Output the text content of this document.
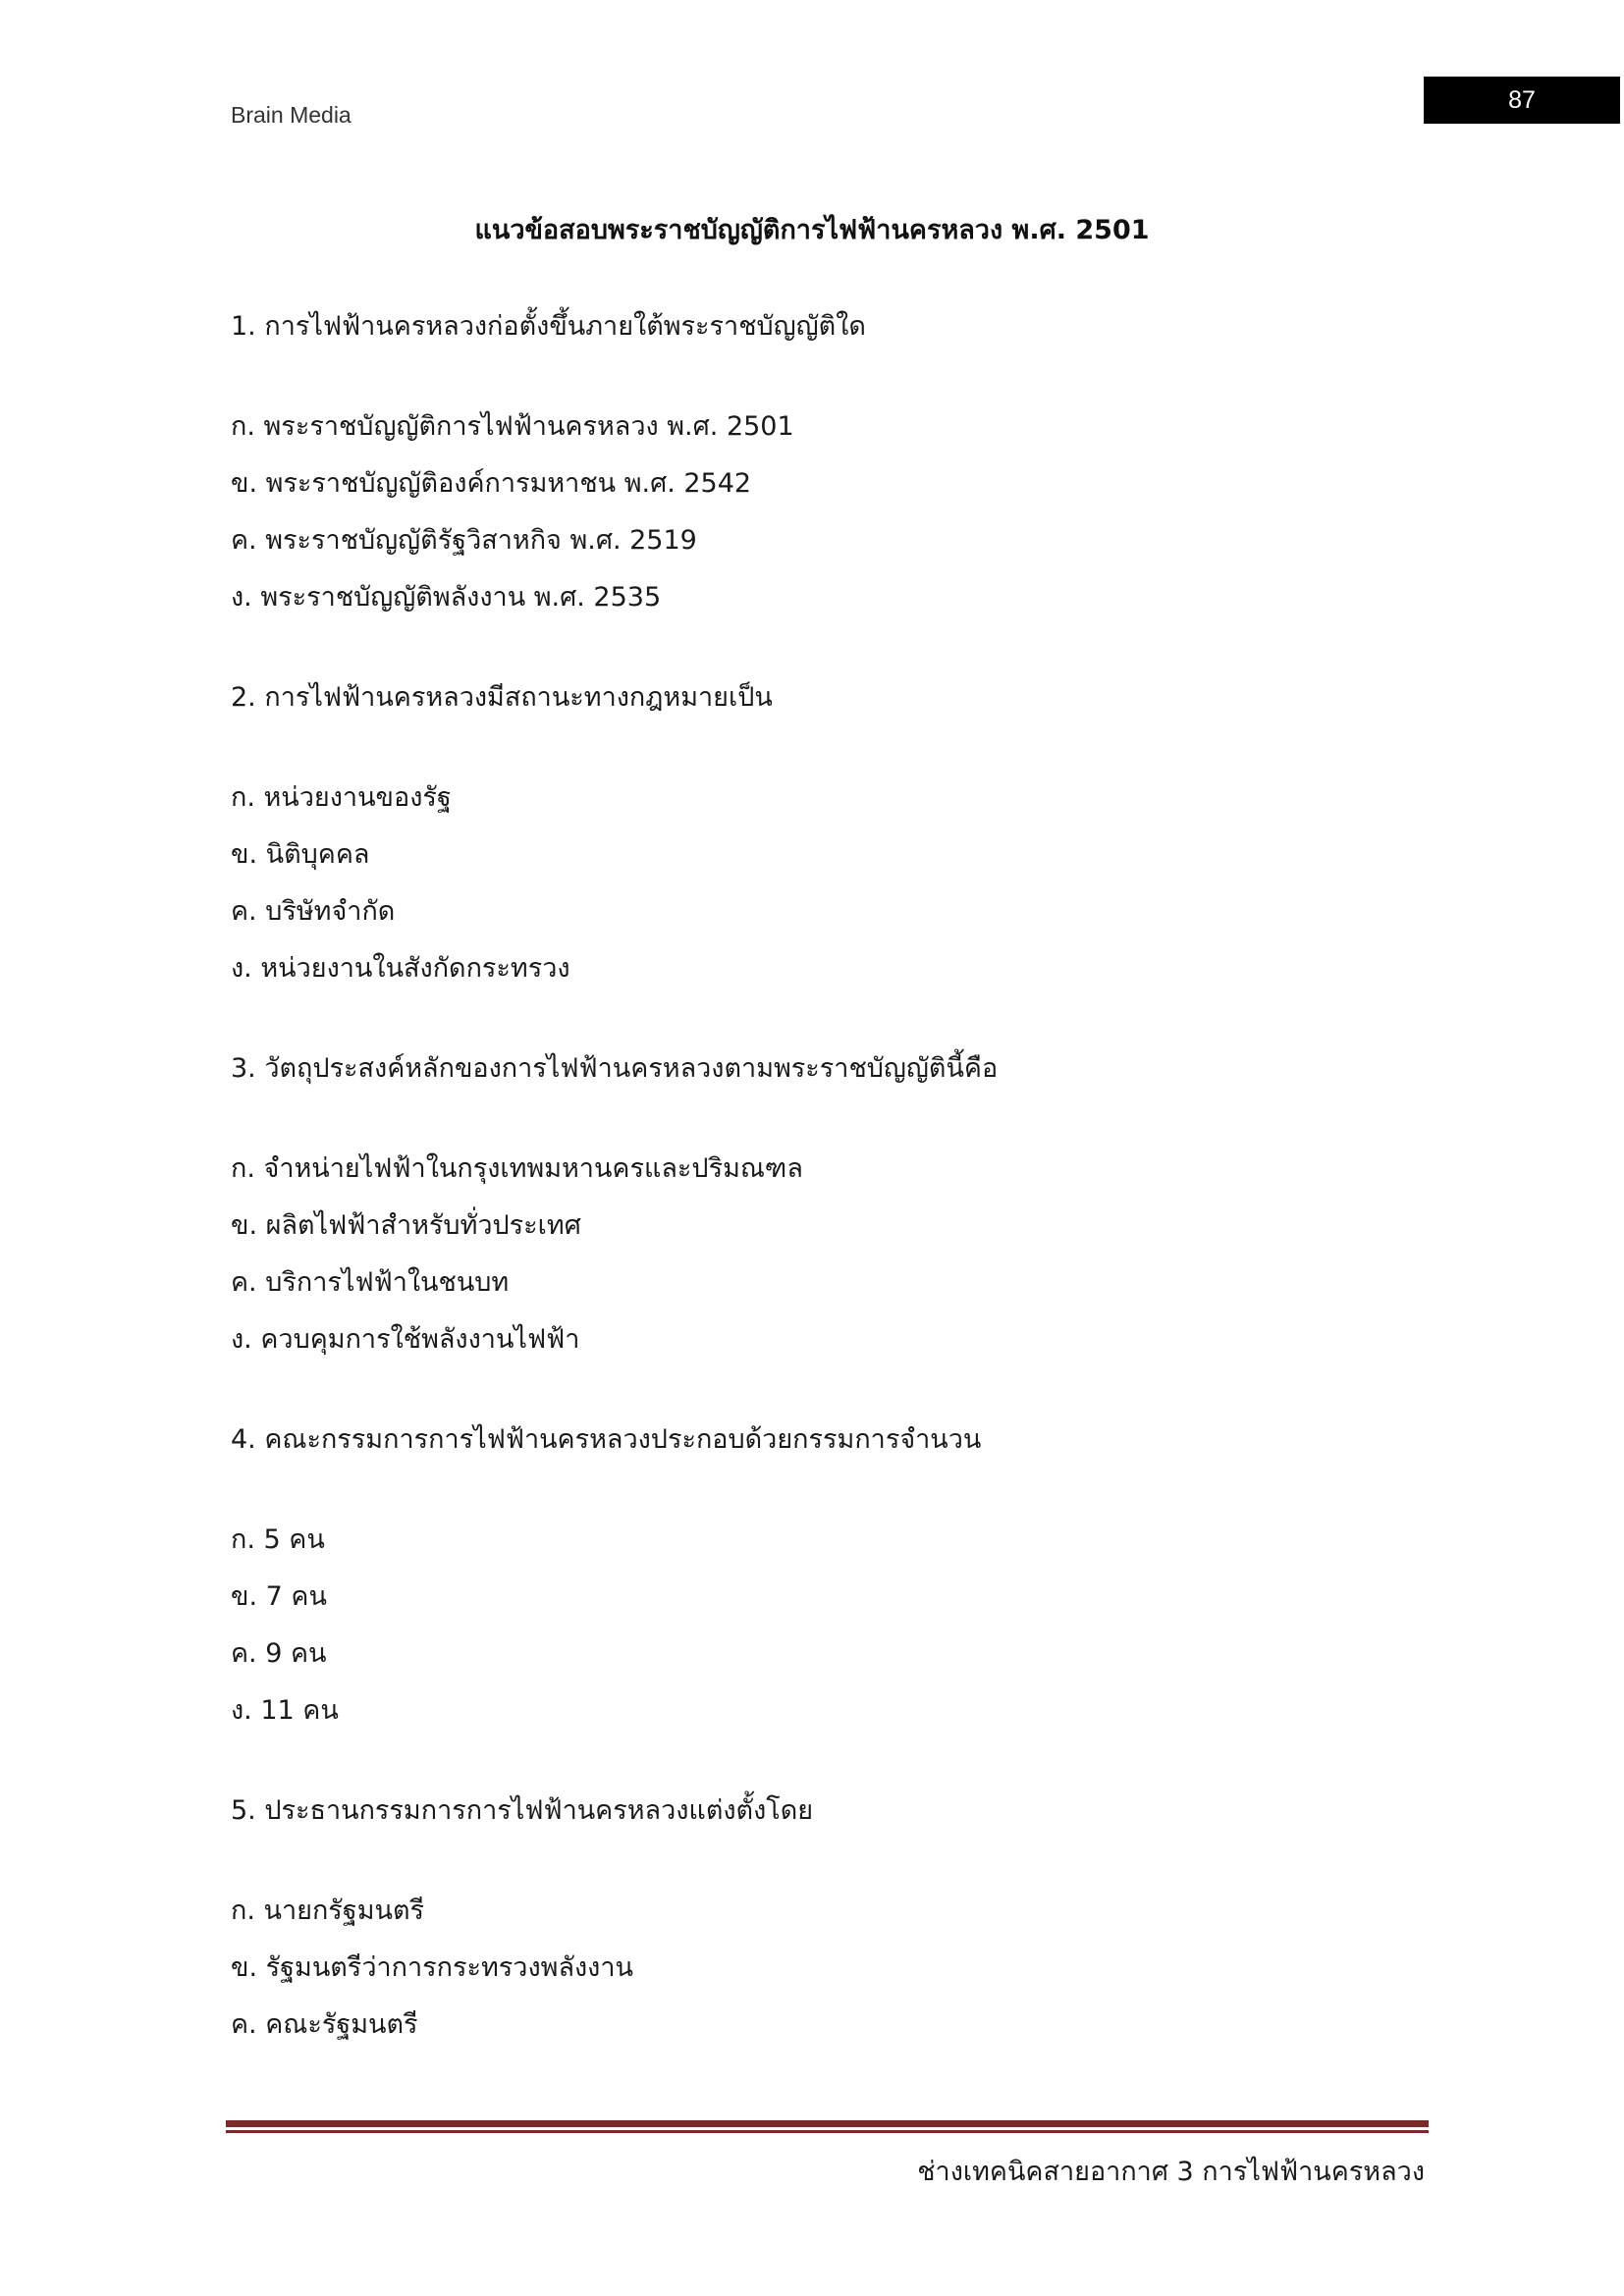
Brain Media
87
แนวข้อสอบพระราชบัญญัติการไฟฟ้านครหลวง พ.ศ. 2501
1. การไฟฟ้านครหลวงก่อตั้งขึ้นภายใต้พระราชบัญญัติใด
ก. พระราชบัญญัติการไฟฟ้านครหลวง พ.ศ. 2501
ข. พระราชบัญญัติองค์การมหาชน พ.ศ. 2542
ค. พระราชบัญญัติรัฐวิสาหกิจ พ.ศ. 2519
ง. พระราชบัญญัติพลังงาน พ.ศ. 2535
2. การไฟฟ้านครหลวงมีสถานะทางกฎหมายเป็น
ก. หน่วยงานของรัฐ
ข. นิติบุคคล
ค. บริษัทจำกัด
ง. หน่วยงานในสังกัดกระทรวง
3. วัตถุประสงค์หลักของการไฟฟ้านครหลวงตามพระราชบัญญัตินี้คือ
ก. จำหน่ายไฟฟ้าในกรุงเทพมหานครและปริมณฑล
ข. ผลิตไฟฟ้าสำหรับทั่วประเทศ
ค. บริการไฟฟ้าในชนบท
ง. ควบคุมการใช้พลังงานไฟฟ้า
4. คณะกรรมการการไฟฟ้านครหลวงประกอบด้วยกรรมการจำนวน
ก. 5 คน
ข. 7 คน
ค. 9 คน
ง. 11 คน
5. ประธานกรรมการการไฟฟ้านครหลวงแต่งตั้งโดย
ก. นายกรัฐมนตรี
ข. รัฐมนตรีว่าการกระทรวงพลังงาน
ค. คณะรัฐมนตรี
ช่างเทคนิคสายอากาศ 3 การไฟฟ้านครหลวง
